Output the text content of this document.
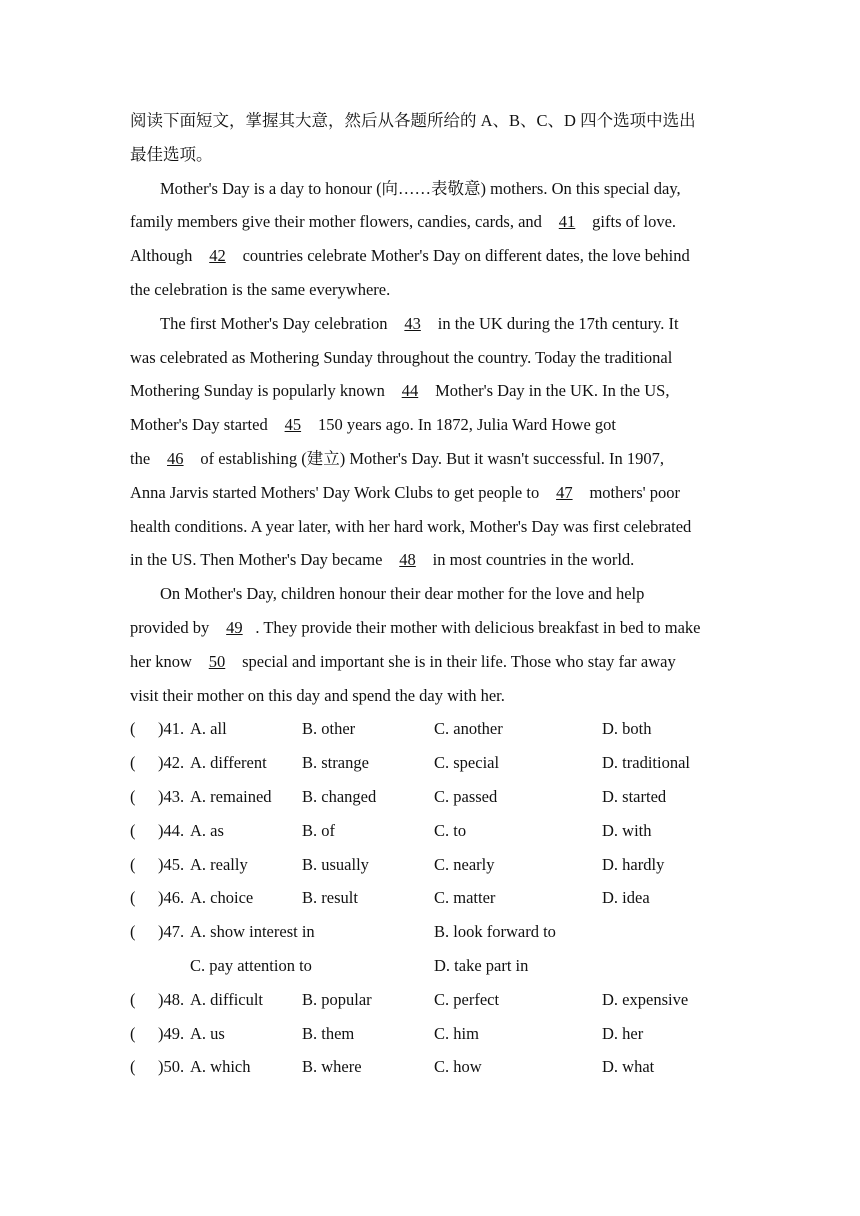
阅读下面短文，掌握其大意，然后从各题所给的 A、B、C、D 四个选项中选出
最佳选项。
Mother's Day is a day to honour (向……表敬意) mothers. On this special day,
family members give their mother flowers, candies, cards, and 41 gifts of love.
Although 42 countries celebrate Mother's Day on different dates, the love behind
the celebration is the same everywhere.
The first Mother's Day celebration 43 in the UK during the 17th century. It
was celebrated as Mothering Sunday throughout the country. Today the traditional
Mothering Sunday is popularly known 44 Mother's Day in the UK. In the US,
Mother's Day started 45 150 years ago. In 1872, Julia Ward Howe got
the 46 of establishing (建立) Mother's Day. But it wasn't successful. In 1907,
Anna Jarvis started Mothers' Day Work Clubs to get people to 47 mothers' poor
health conditions. A year later, with her hard work, Mother's Day was first celebrated
in the US. Then Mother's Day became 48 in most countries in the world.
On Mother's Day, children honour their dear mother for the love and help
provided by 49 . They provide their mother with delicious breakfast in bed to make
her know 50 special and important she is in their life. Those who stay far away
visit their mother on this day and spend the day with her.
( )41. A. all	B. other	C. another	D. both
( )42. A. different B. strange	C. special	D. traditional
( )43. A. remained B. changed	C. passed	D. started
( )44. A. as	B. of	C. to	D. with
( )45. A. really	B. usually	C. nearly	D. hardly
( )46. A. choice	B. result	C. matter	D. idea
( )47. A. show interest in	B. look forward to
C. pay attention to	D. take part in
( )48. A. difficult B. popular	C. perfect	D. expensive
( )49. A. us	B. them	C. him	D. her
( )50. A. which	B. where	C. how	D. what
